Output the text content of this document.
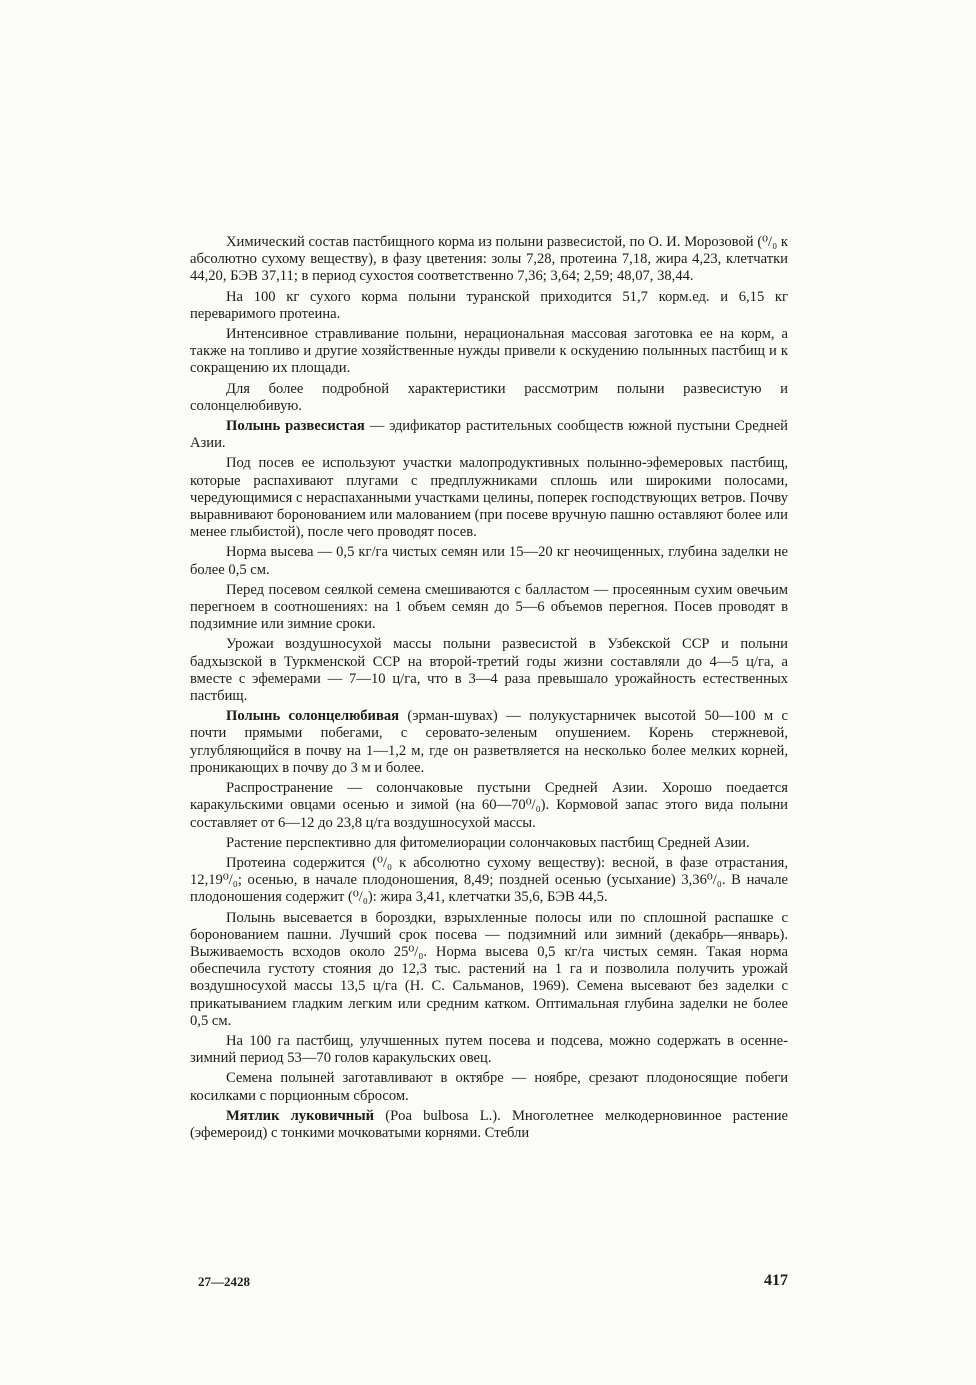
Химический состав пастбищного корма из полыни развесистой, по О. И. Морозовой (⁰/₀ к абсолютно сухому веществу), в фазу цветения: золы 7,28, протеина 7,18, жира 4,23, клетчатки 44,20, БЭВ 37,11; в период сухостоя соответственно 7,36; 3,64; 2,59; 48,07, 38,44.

На 100 кг сухого корма полыни туранской приходится 51,7 корм.ед. и 6,15 кг переваримого протеина.

Интенсивное стравливание полыни, нерациональная массовая заготовка ее на корм, а также на топливо и другие хозяйственные нужды привели к оскудению полынных пастбищ и к сокращению их площади.

Для более подробной характеристики рассмотрим полыни развесистую и солонцелюбивую.

Полынь развесистая — эдификатор растительных сообществ южной пустыни Средней Азии.

Под посев ее используют участки малопродуктивных полынно-эфемеровых пастбищ, которые распахивают плугами с предплужниками сплошь или широкими полосами, чередующимися с нераспаханными участками целины, поперек господствующих ветров. Почву выравнивают боронованием или малованием (при посеве вручную пашню оставляют более или менее глыбистой), после чего проводят посев.

Норма высева — 0,5 кг/га чистых семян или 15—20 кг неочищенных, глубина заделки не более 0,5 см.

Перед посевом сеялкой семена смешиваются с балластом — просеянным сухим овечьим перегноем в соотношениях: на 1 объем семян до 5—6 объемов перегноя. Посев проводят в подзимние или зимние сроки.

Урожаи воздушносухой массы полыни развесистой в Узбекской ССР и полыни бадхызской в Туркменской ССР на второй-третий годы жизни составляли до 4—5 ц/га, а вместе с эфемерами — 7—10 ц/га, что в 3—4 раза превышало урожайность естественных пастбищ.

Полынь солонцелюбивая (эрман-шувах) — полукустарничек высотой 50—100 м с почти прямыми побегами, с серовато-зеленым опушением. Корень стержневой, углубляющийся в почву на 1—1,2 м, где он разветвляется на несколько более мелких корней, проникающих в почву до 3 м и более.

Распространение — солончаковые пустыни Средней Азии. Хорошо поедается каракульскими овцами осенью и зимой (на 60—70⁰/₀). Кормовой запас этого вида полыни составляет от 6—12 до 23,8 ц/га воздушносухой массы.

Растение перспективно для фитомелиорации солончаковых пастбищ Средней Азии.

Протеина содержится (⁰/₀ к абсолютно сухому веществу): весной, в фазе отрастания, 12,19⁰/₀; осенью, в начале плодоношения, 8,49; поздней осенью (усыхание) 3,36⁰/₀. В начале плодоношения содержит (⁰/₀): жира 3,41, клетчатки 35,6, БЭВ 44,5.

Полынь высевается в бороздки, взрыхленные полосы или по сплошной распашке с боронованием пашни. Лучший срок посева — подзимний или зимний (декабрь—январь). Выживаемость всходов около 25⁰/₀. Норма высева 0,5 кг/га чистых семян. Такая норма обеспечила густоту стояния до 12,3 тыс. растений на 1 га и позволила получить урожай воздушносухой массы 13,5 ц/га (Н. С. Сальманов, 1969). Семена высевают без заделки с прикатыванием гладким легким или средним катком. Оптимальная глубина заделки не более 0,5 см.

На 100 га пастбищ, улучшенных путем посева и подсева, можно содержать в осенне-зимний период 53—70 голов каракульских овец.

Семена полыней заготавливают в октябре — ноябре, срезают плодоносящие побеги косилками с порционным сбросом.

Мятлик луковичный (Poa bulbosa L.). Многолетнее мелкодерновинное растение (эфемероид) с тонкими мочковатыми корнями. Стебли

27—2428	417
